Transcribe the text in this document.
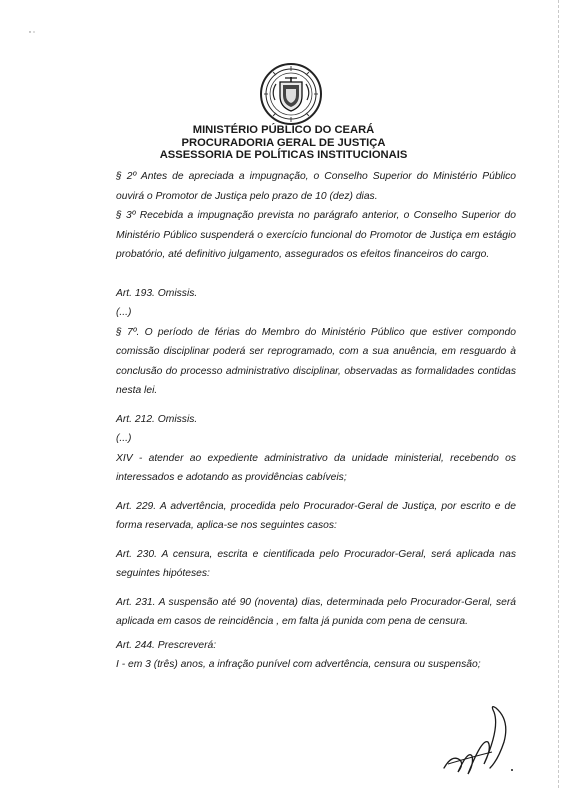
MINISTÉRIO PÚBLICO DO CEARÁ
PROCURADORIA GERAL DE JUSTIÇA
ASSESSORIA DE POLÍTICAS INSTITUCIONAIS

§ 2º Antes de apreciada a impugnação, o Conselho Superior do Ministério Público ouvirá o Promotor de Justiça pelo prazo de 10 (dez) dias.

§ 3º Recebida a impugnação prevista no parágrafo anterior, o Conselho Superior do Ministério Público suspenderá o exercício funcional do Promotor de Justiça em estágio probatório, até definitivo julgamento, assegurados os efeitos financeiros do cargo.

Art. 193. Omissis.

(...)

§ 7º. O período de férias do Membro do Ministério Público que estiver compondo comissão disciplinar poderá ser reprogramado, com a sua anuência, em resguardo à conclusão do processo administrativo disciplinar, observadas as formalidades contidas nesta lei.

Art. 212. Omissis.

(...)

XIV - atender ao expediente administrativo da unidade ministerial, recebendo os interessados e adotando as providências cabíveis;

Art. 229. A advertência, procedida pelo Procurador-Geral de Justiça, por escrito e de forma reservada, aplica-se nos seguintes casos:

Art. 230. A censura, escrita e cientificada pelo Procurador-Geral, será aplicada nas seguintes hipóteses:

Art. 231. A suspensão até 90 (noventa) dias, determinada pelo Procurador-Geral, será aplicada em casos de reincidência , em falta já punida com pena de censura.

Art. 244. Prescreverá:

I - em 3 (três) anos, a infração punível com advertência, censura ou suspensão;
